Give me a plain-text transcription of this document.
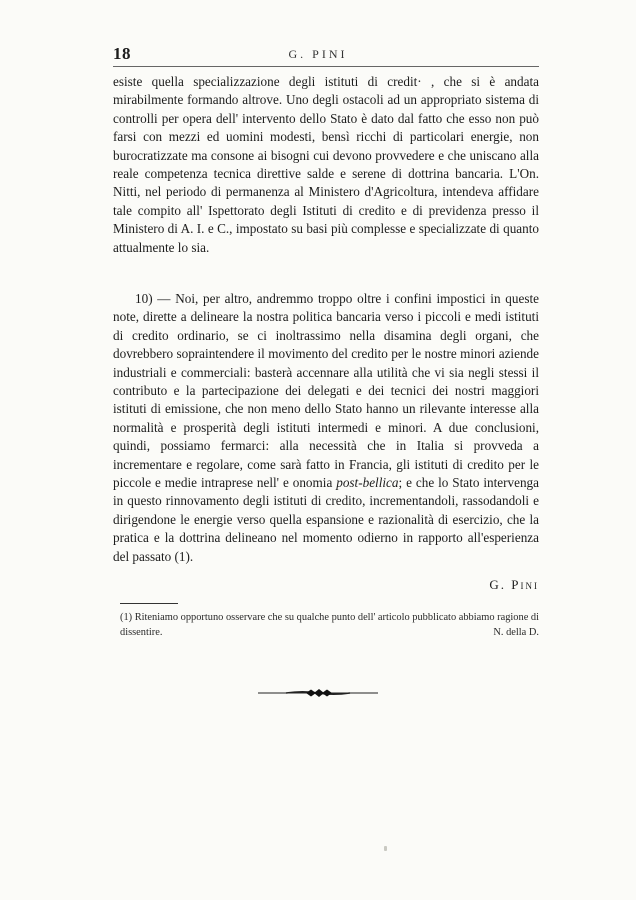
18	G. PINI

esiste quella specializzazione degli istituti di credit· , che si è andata mirabilmente formando altrove. Uno degli ostacoli ad un appropriato sistema di controlli per opera dell' intervento dello Stato è dato dal fatto che esso non può farsi con mezzi ed uomini modesti, bensì ricchi di particolari energie, non burocratizzate ma consone ai bisogni cui devono provvedere e che uniscano alla reale competenza tecnica direttive salde e serene di dottrina bancaria. L'On. Nitti, nel periodo di permanenza al Ministero d'Agricoltura, intendeva affidare tale compito all' Ispettorato degli Istituti di credito e di previdenza presso il Ministero di A. I. e C., impostato su basi più complesse e specializzate di quanto attualmente lo sia.

10) — Noi, per altro, andremmo troppo oltre i confini impostici in queste note, dirette a delineare la nostra politica bancaria verso i piccoli e medi istituti di credito ordinario, se ci inoltrassimo nella disamina degli organi, che dovrebbero sopraintendere il movimento del credito per le nostre minori aziende industriali e commerciali: basterà accennare alla utilità che vi sia negli stessi il contributo e la partecipazione dei delegati e dei tecnici dei nostri maggiori istituti di emissione, che non meno dello Stato hanno un rilevante interesse alla normalità e prosperità degli istituti intermedi e minori. A due conclusioni, quindi, possiamo fermarci: alla necessità che in Italia si provveda a incrementare e regolare, come sarà fatto in Francia, gli istituti di credito per le piccole e medie intraprese nell' e onomia post-bellica; e che lo Stato intervenga in questo rinnovamento degli istituti di credito, incrementandoli, rassodandoli e dirigendone le energie verso quella espansione e razionalità di esercizio, che la pratica e la dottrina delineano nel momento odierno in rapporto all'esperienza del passato (1).

G. Pini
(1) Riteniamo opportuno osservare che su qualche punto dell' articolo pubblicato abbiamo ragione di dissentire.	N. della D.
